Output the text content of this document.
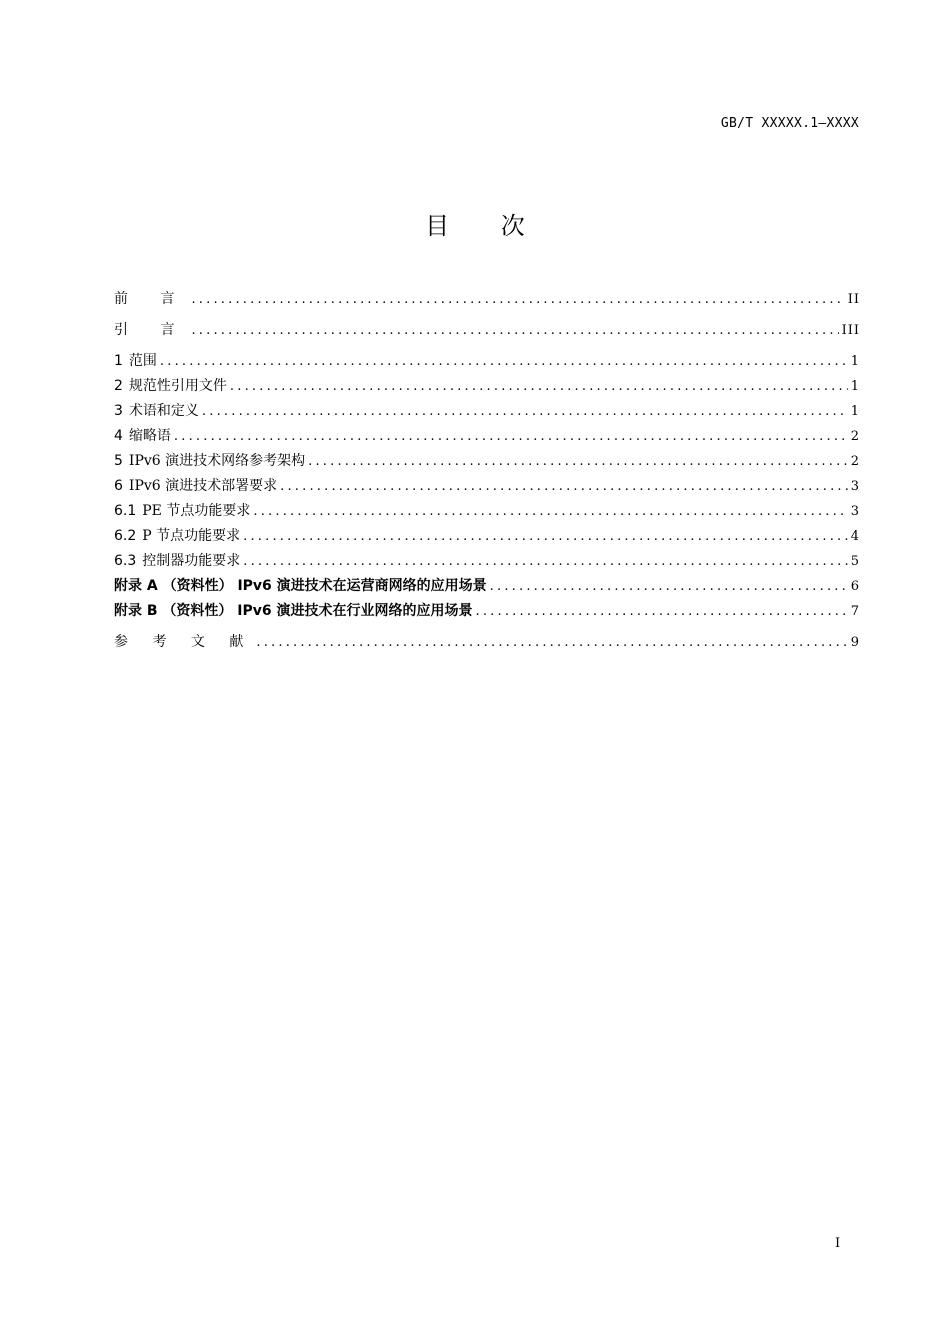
GB/T XXXXX.1—XXXX
目 次
前 言 .....	II
引 言 .....	III
1 范围 .....	1
2 规范性引用文件 .....	1
3 术语和定义 .....	1
4 缩略语 .....	2
5 IPv6 演进技术网络参考架构 .....	2
6 IPv6 演进技术部署要求 .....	3
6.1 PE 节点功能要求 .....	3
6.2 P 节点功能要求 .....	4
6.3 控制器功能要求 .....	5
附录 A （资料性） IPv6 演进技术在运营商网络的应用场景 .....	6
附录 B （资料性） IPv6 演进技术在行业网络的应用场景 .....	7
参 考 文 献 .....	9
I
